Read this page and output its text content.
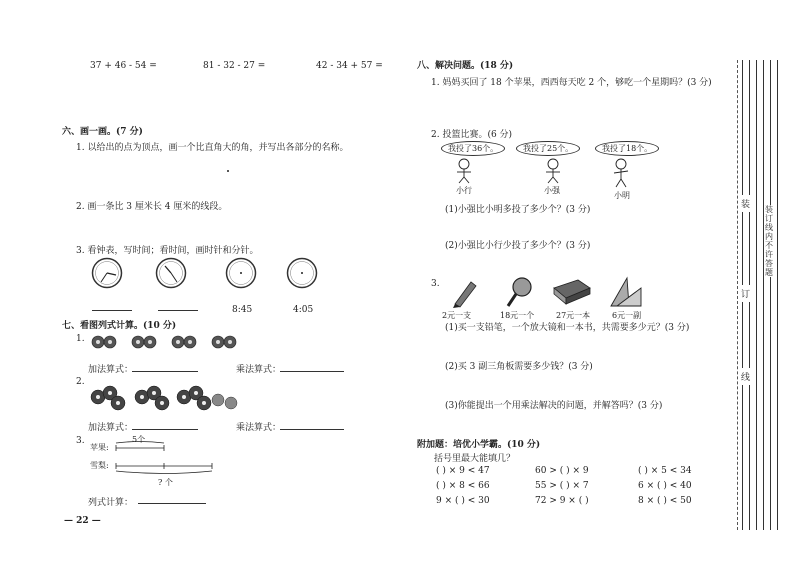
37 + 46 - 54 =	81 - 32 - 27 =	42 - 34 + 57 =
六、画一画。(7 分)
1. 以给出的点为顶点，画一个比直角大的角，并写出各部分的名称。
2. 画一条比 3 厘米长 4 厘米的线段。
3. 看钟表，写时间；看时间，画时针和分针。
8:45	4:05
七、看图列式计算。(10 分)
1.
加法算式：	乘法算式：
2.
加法算式：	乘法算式：
3.
苹果:
5个
雪梨:
? 个
列式计算：
— 22 —
八、解决问题。(18 分)
1. 妈妈买回了 18 个苹果，西西每天吃 2 个，够吃一个星期吗？(3 分)
2. 投篮比赛。(6 分)
我投了36个。	我投了25个。	我投了18个。
小行	小强
小明
(1)小强比小明多投了多少个？(3 分)
(2)小强比小行少投了多少个？(3 分)
3.
2元一支	18元一个	27元一本	6元一副
(1)买一支铅笔，一个放大镜和一本书，共需要多少元？(3 分)
(2)买 3 副三角板需要多少钱？(3 分)
(3)你能提出一个用乘法解决的问题，并解答吗？(3 分)
附加题：培优小学霸。(10 分)
括号里最大能填几？
( ) × 9 < 47	60 > ( ) × 9	( ) × 5 < 34
( ) × 8 < 66	55 > ( ) × 7	6 × ( ) < 40
9 × ( ) < 30	72 > 9 × ( )	8 × ( ) < 50
装
订
装订线内不许答题
线
